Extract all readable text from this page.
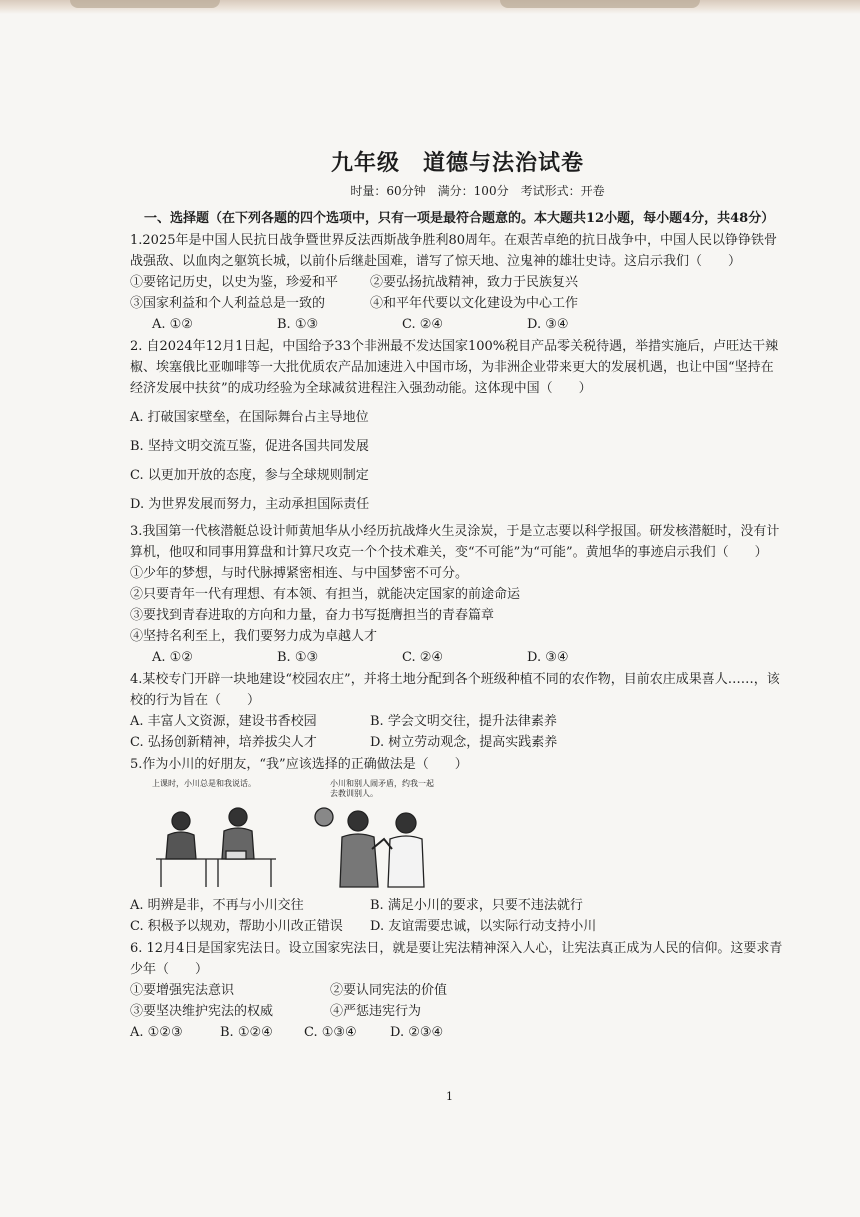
九年级　道德与法治试卷
时量：60分钟　满分：100分　考试形式：开卷

一、选择题（在下列各题的四个选项中，只有一项是最符合题意的。本大题共12小题，每小题4分，共48分）

1.2025年是中国人民抗日战争暨世界反法西斯战争胜利80周年。在艰苦卓绝的抗日战争中，中国人民以铮铮铁骨战强敌、以血肉之躯筑长城，以前仆后继赴国难，谱写了惊天地、泣鬼神的雄壮史诗。这启示我们（　　）

①要铭记历史，以史为鉴，珍爱和平	②要弘扬抗战精神，致力于民族复兴
③国家利益和个人利益总是一致的	④和平年代要以文化建设为中心工作
A. ①②	B. ①③	C. ②④	D. ③④

2. 自2024年12月1日起，中国给予33个非洲最不发达国家100%税目产品零关税待遇，举措实施后，卢旺达干辣椒、埃塞俄比亚咖啡等一大批优质农产品加速进入中国市场，为非洲企业带来更大的发展机遇，也让中国“坚持在经济发展中扶贫”的成功经验为全球减贫进程注入强劲动能。这体现中国（　　）

A. 打破国家壁垒，在国际舞台占主导地位

B. 坚持文明交流互鉴，促进各国共同发展

C. 以更加开放的态度，参与全球规则制定

D. 为世界发展而努力，主动承担国际责任

3.我国第一代核潜艇总设计师黄旭华从小经历抗战烽火生灵涂炭，于是立志要以科学报国。研发核潜艇时，没有计算机，他叹和同事用算盘和计算尺攻克一个个技术难关，变“不可能”为“可能”。黄旭华的事迹启示我们（　　）

①少年的梦想，与时代脉搏紧密相连、与中国梦密不可分。

②只要青年一代有理想、有本领、有担当，就能决定国家的前途命运

③要找到青春进取的方向和力量，奋力书写挺膺担当的青春篇章

④坚持名利至上，我们要努力成为卓越人才

A. ①②	B. ①③	C. ②④	D. ③④

4.某校专门开辟一块地建设“校园农庄”，并将土地分配到各个班级种植不同的农作物，目前农庄成果喜人……，该校的行为旨在（　　）

A. 丰富人文资源，建设书香校园	B. 学会文明交往，提升法律素养
C. 弘扬创新精神，培养拔尖人才	D. 树立劳动观念，提高实践素养

5.作为小川的好朋友，“我”应该选择的正确做法是（　　）

上课时，小川总是和我说话。	小川和别人闹矛盾，约我一起去教训别人。
A. 明辨是非，不再与小川交往	B. 满足小川的要求，只要不违法就行
C. 积极予以规劝，帮助小川改正错误	D. 友谊需要忠诚，以实际行动支持小川

6. 12月4日是国家宪法日。设立国家宪法日，就是要让宪法精神深入人心，让宪法真正成为人民的信仰。这要求青少年（　　）

①要增强宪法意识	②要认同宪法的价值
③要坚决维护宪法的权威	④严惩违宪行为
A. ①②③	B. ①②④	C. ①③④	D. ②③④
1
